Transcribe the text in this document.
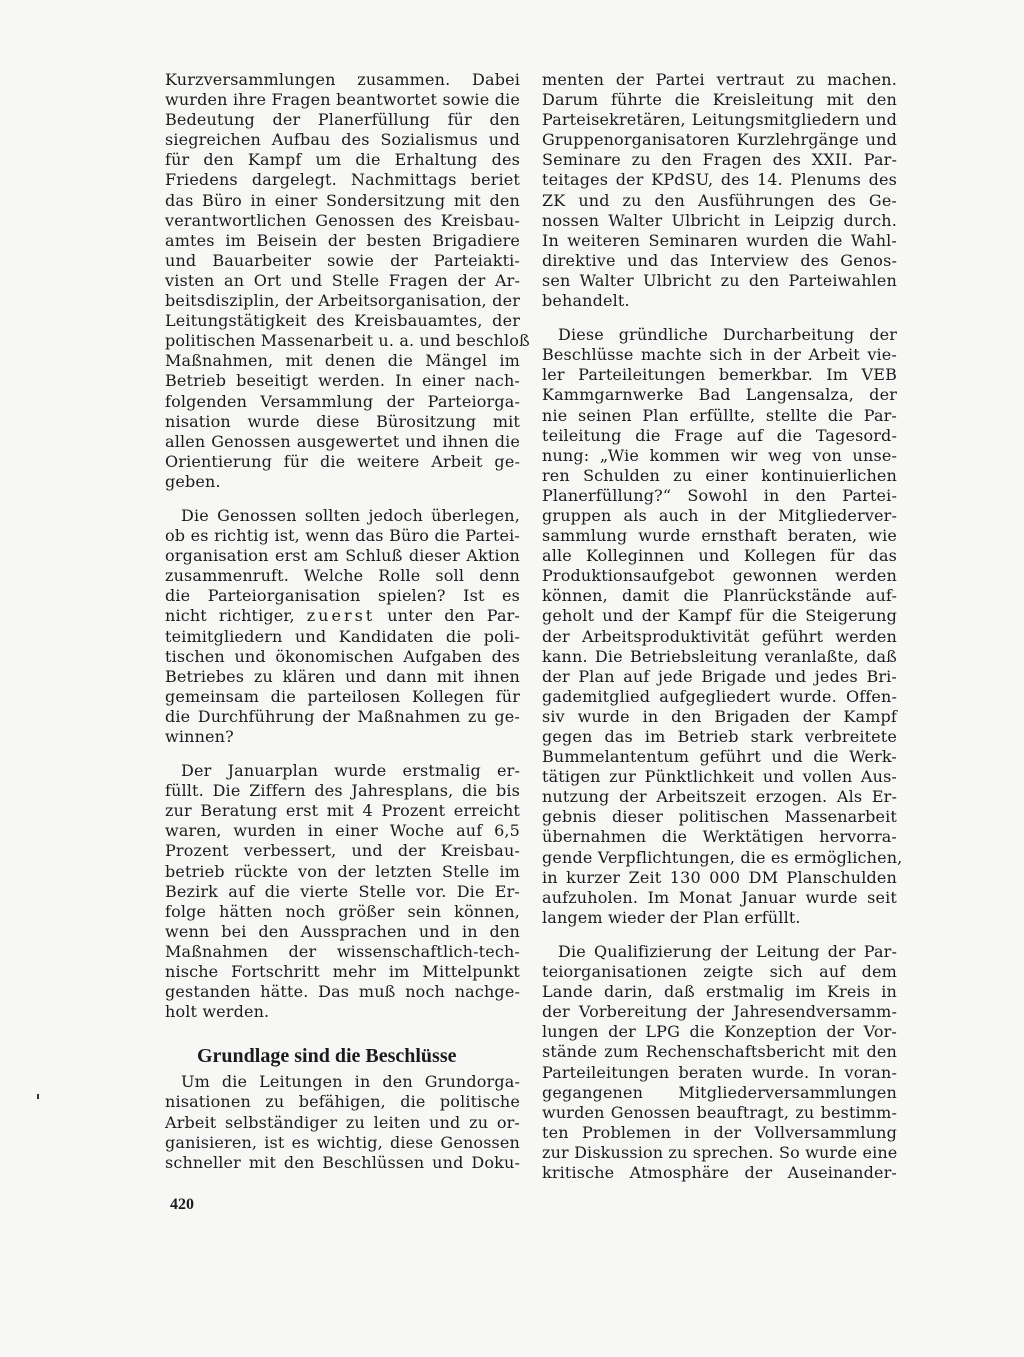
Kurzversammlungen zusammen. Dabei
wurden ihre Fragen beantwortet sowie die
Bedeutung der Planerfüllung für den
siegreichen Aufbau des Sozialismus und
für den Kampf um die Erhaltung des
Friedens dargelegt. Nachmittags beriet
das Büro in einer Sondersitzung mit den
verantwortlichen Genossen des Kreisbau-
amtes im Beisein der besten Brigadiere
und Bauarbeiter sowie der Parteiakti-
visten an Ort und Stelle Fragen der Ar-
beitsdisziplin, der Arbeitsorganisation, der
Leitungstätigkeit des Kreisbauamtes, der
politischen Massenarbeit u. a. und beschloß
Maßnahmen, mit denen die Mängel im
Betrieb beseitigt werden. In einer nach-
folgenden Versammlung der Parteiorga-
nisation wurde diese Bürositzung mit
allen Genossen ausgewertet und ihnen die
Orientierung für die weitere Arbeit ge-
geben.
Die Genossen sollten jedoch überlegen,
ob es richtig ist, wenn das Büro die Partei-
organisation erst am Schluß dieser Aktion
zusammenruft. Welche Rolle soll denn
die Parteiorganisation spielen? Ist es
nicht richtiger, zuerst unter den Par-
teimitgliedern und Kandidaten die poli-
tischen und ökonomischen Aufgaben des
Betriebes zu klären und dann mit ihnen
gemeinsam die parteilosen Kollegen für
die Durchführung der Maßnahmen zu ge-
winnen?
Der Januarplan wurde erstmalig er-
füllt. Die Ziffern des Jahresplans, die bis
zur Beratung erst mit 4 Prozent erreicht
waren, wurden in einer Woche auf 6,5
Prozent verbessert, und der Kreisbau-
betrieb rückte von der letzten Stelle im
Bezirk auf die vierte Stelle vor. Die Er-
folge hätten noch größer sein können,
wenn bei den Aussprachen und in den
Maßnahmen der wissenschaftlich-tech-
nische Fortschritt mehr im Mittelpunkt
gestanden hätte. Das muß noch nachge-
holt werden.
Grundlage sind die Beschlüsse
Um die Leitungen in den Grundorga-
nisationen zu befähigen, die politische
Arbeit selbständiger zu leiten und zu or-
ganisieren, ist es wichtig, diese Genossen
schneller mit den Beschlüssen und Doku-
menten der Partei vertraut zu machen.
Darum führte die Kreisleitung mit den
Parteisekretären, Leitungsmitgliedern und
Gruppenorganisatoren Kurzlehrgänge und
Seminare zu den Fragen des XXII. Par-
teitages der KPdSU, des 14. Plenums des
ZK und zu den Ausführungen des Ge-
nossen Walter Ulbricht in Leipzig durch.
In weiteren Seminaren wurden die Wahl-
direktive und das Interview des Genos-
sen Walter Ulbricht zu den Parteiwahlen
behandelt.
Diese gründliche Durcharbeitung der
Beschlüsse machte sich in der Arbeit vie-
ler Parteileitungen bemerkbar. Im VEB
Kammgarnwerke Bad Langensalza, der
nie seinen Plan erfüllte, stellte die Par-
teileitung die Frage auf die Tagesord-
nung: „Wie kommen wir weg von unse-
ren Schulden zu einer kontinuierlichen
Planerfüllung?“ Sowohl in den Partei-
gruppen als auch in der Mitgliederver-
sammlung wurde ernsthaft beraten, wie
alle Kolleginnen und Kollegen für das
Produktionsaufgebot gewonnen werden
können, damit die Planrückstände auf-
geholt und der Kampf für die Steigerung
der Arbeitsproduktivität geführt werden
kann. Die Betriebsleitung veranlaßte, daß
der Plan auf jede Brigade und jedes Bri-
gademitglied aufgegliedert wurde. Offen-
siv wurde in den Brigaden der Kampf
gegen das im Betrieb stark verbreitete
Bummelantentum geführt und die Werk-
tätigen zur Pünktlichkeit und vollen Aus-
nutzung der Arbeitszeit erzogen. Als Er-
gebnis dieser politischen Massenarbeit
übernahmen die Werktätigen hervorra-
gende Verpflichtungen, die es ermöglichen,
in kurzer Zeit 130 000 DM Planschulden
aufzuholen. Im Monat Januar wurde seit
langem wieder der Plan erfüllt.
Die Qualifizierung der Leitung der Par-
teiorganisationen zeigte sich auf dem
Lande darin, daß erstmalig im Kreis in
der Vorbereitung der Jahresendversamm-
lungen der LPG die Konzeption der Vor-
stände zum Rechenschaftsbericht mit den
Parteileitungen beraten wurde. In voran-
gegangenen Mitgliederversammlungen
wurden Genossen beauftragt, zu bestimm-
ten Problemen in der Vollversammlung
zur Diskussion zu sprechen. So wurde eine
kritische Atmosphäre der Auseinander-
420
